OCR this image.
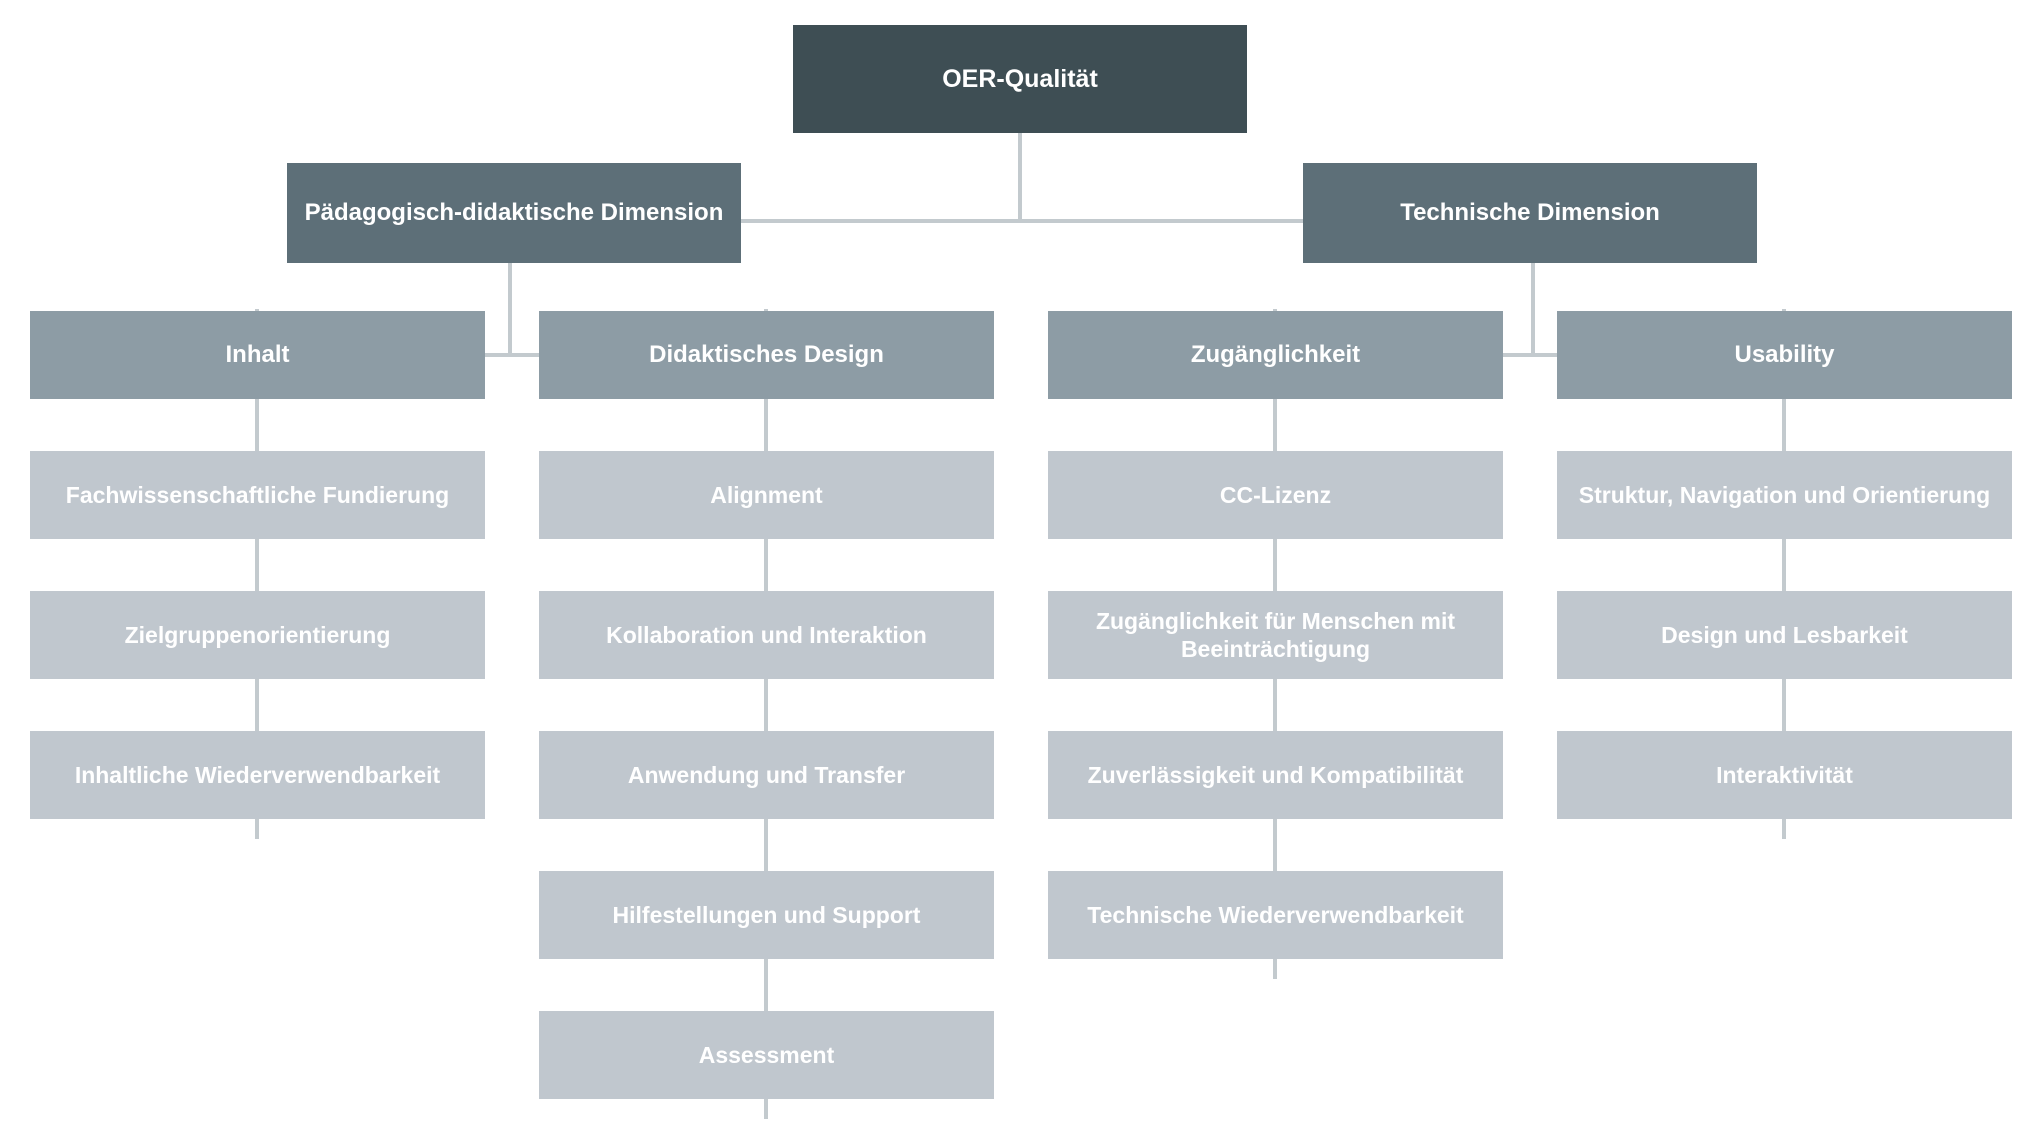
OER-Qualität
Pädagogisch-didaktische Dimension	Technische Dimension
Inhalt	Didaktisches Design	Zugänglichkeit	Usability
Fachwissenschaftliche Fundierung
Zielgruppenorientierung
Inhaltliche Wiederverwendbarkeit
Alignment
Kollaboration und Interaktion
Anwendung und Transfer
Hilfestellungen und Support
Assessment
CC-Lizenz
Zugänglichkeit für Menschen mit Beeinträchtigung
Zuverlässigkeit und Kompatibilität
Technische Wiederverwendbarkeit
Struktur, Navigation und Orientierung
Design und Lesbarkeit
Interaktivität
